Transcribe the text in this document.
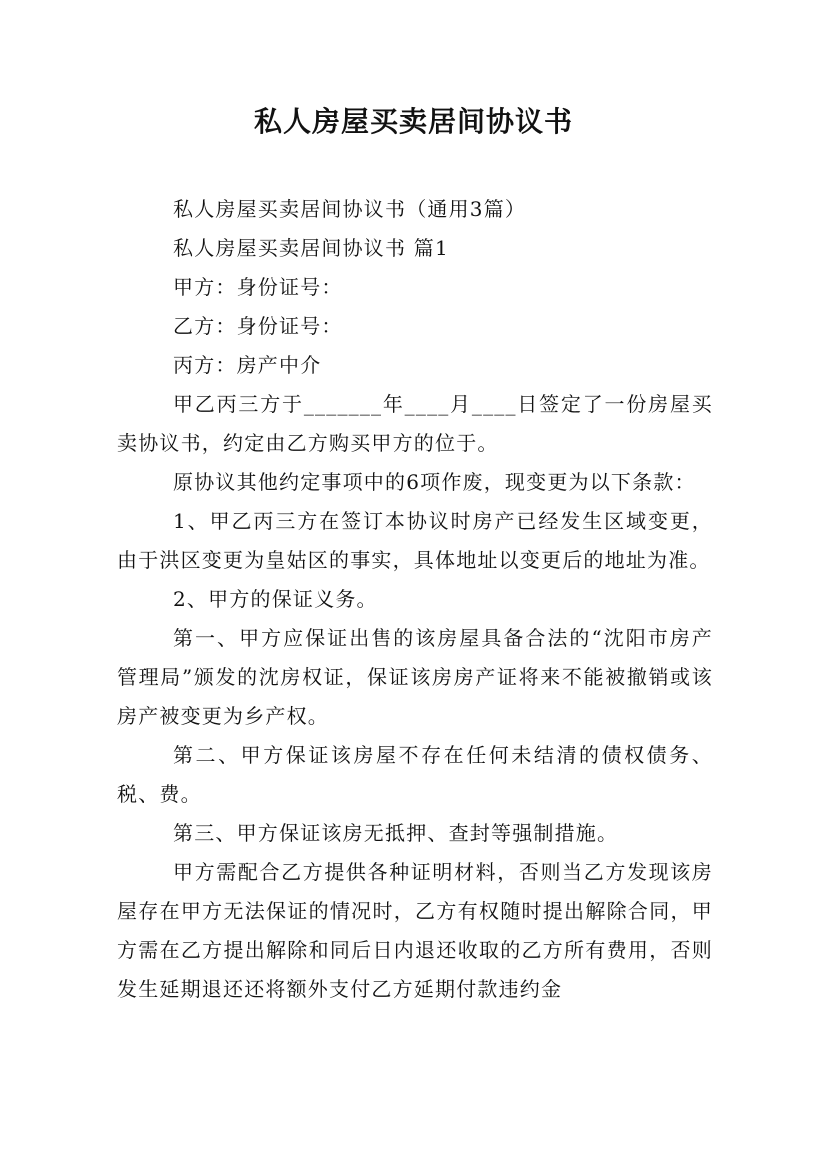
私人房屋买卖居间协议书

私人房屋买卖居间协议书（通用3篇）

私人房屋买卖居间协议书 篇1

甲方：身份证号：

乙方：身份证号：

丙方：房产中介

甲乙丙三方于_______年____月____日签定了一份房屋买卖协议书，约定由乙方购买甲方的位于。

原协议其他约定事项中的6项作废，现变更为以下条款：

1、甲乙丙三方在签订本协议时房产已经发生区域变更，由于洪区变更为皇姑区的事实，具体地址以变更后的地址为准。

2、甲方的保证义务。

第一、甲方应保证出售的该房屋具备合法的“沈阳市房产管理局”颁发的沈房权证，保证该房房产证将来不能被撤销或该房产被变更为乡产权。

第二、甲方保证该房屋不存在任何未结清的债权债务、税、费。

第三、甲方保证该房无抵押、查封等强制措施。

甲方需配合乙方提供各种证明材料，否则当乙方发现该房屋存在甲方无法保证的情况时，乙方有权随时提出解除合同，甲方需在乙方提出解除和同后日内退还收取的乙方所有费用，否则发生延期退还还将额外支付乙方延期付款违约金
